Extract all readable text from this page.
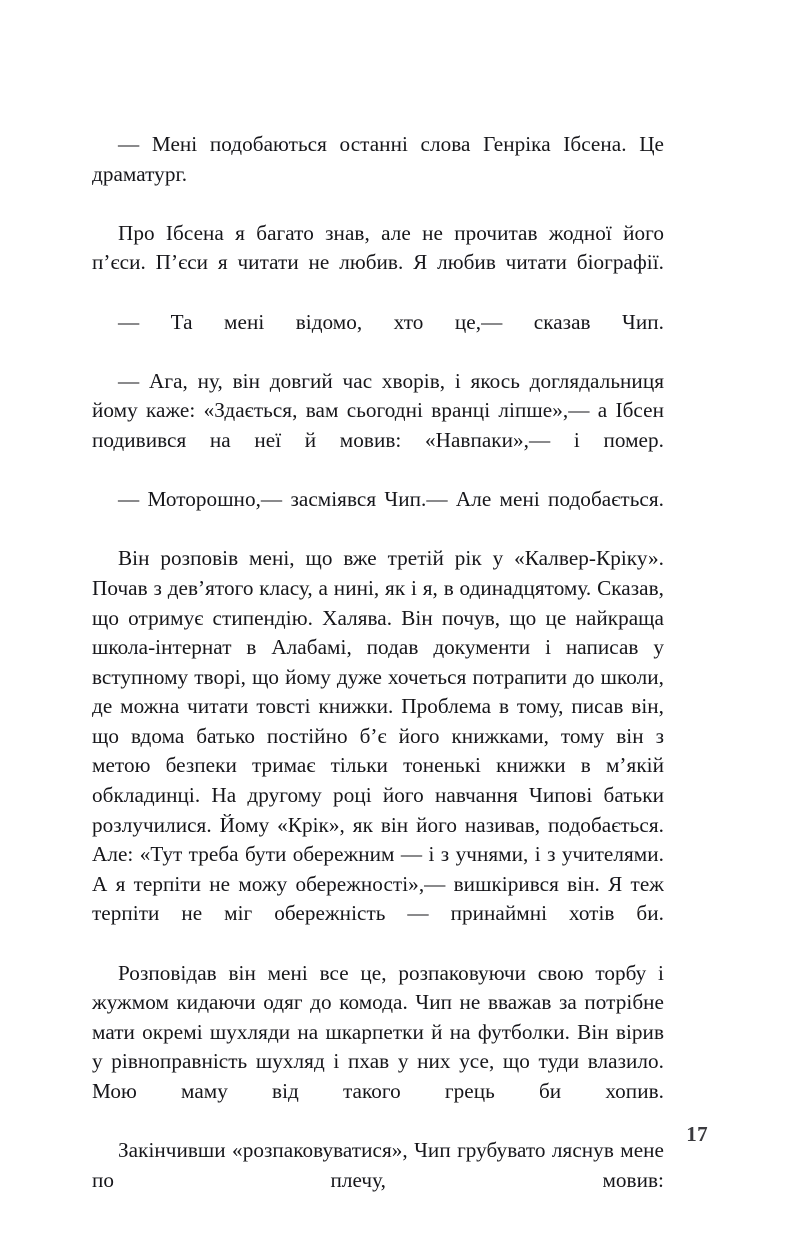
— Мені подобаються останні слова Генріка Ібсена. Це драматург.

Про Ібсена я багато знав, але не прочитав жодної його п’єси. П’єси я читати не любив. Я любив читати біографії.

— Та мені відомо, хто це,— сказав Чип.

— Ага, ну, він довгий час хворів, і якось доглядальниця йому каже: «Здається, вам сьогодні вранці ліпше»,— а Ібсен подивився на неї й мовив: «Навпаки»,— і помер.

— Моторошно,— засміявся Чип.— Але мені подобається.

Він розповів мені, що вже третій рік у «Калвер-Кріку». Почав з дев’ятого класу, а нині, як і я, в одинадцятому. Сказав, що отримує стипендію. Халява. Він почув, що це найкраща школа-інтернат в Алабамі, подав документи і написав у вступному творі, що йому дуже хочеться потрапити до школи, де можна читати товсті книжки. Проблема в тому, писав він, що вдома батько постійно б’є його книжками, тому він з метою безпеки тримає тільки тоненькі книжки в м’якій обкладинці. На другому році його навчання Чипові батьки розлучилися. Йому «Крік», як він його називав, подобається. Але: «Тут треба бути обережним — і з учнями, і з учителями. А я терпіти не можу обережності»,— вишкірився він. Я теж терпіти не міг обережність — принаймні хотів би.

Розповідав він мені все це, розпаковуючи свою торбу і жужмом кидаючи одяг до комода. Чип не вважав за потрібне мати окремі шухляди на шкарпетки й на футболки. Він вірив у рівноправність шухляд і пхав у них усе, що туди влазило. Мою маму від такого грець би хопив.

Закінчивши «розпаковуватися», Чип грубувато ляснув мене по плечу, мовив:

17
